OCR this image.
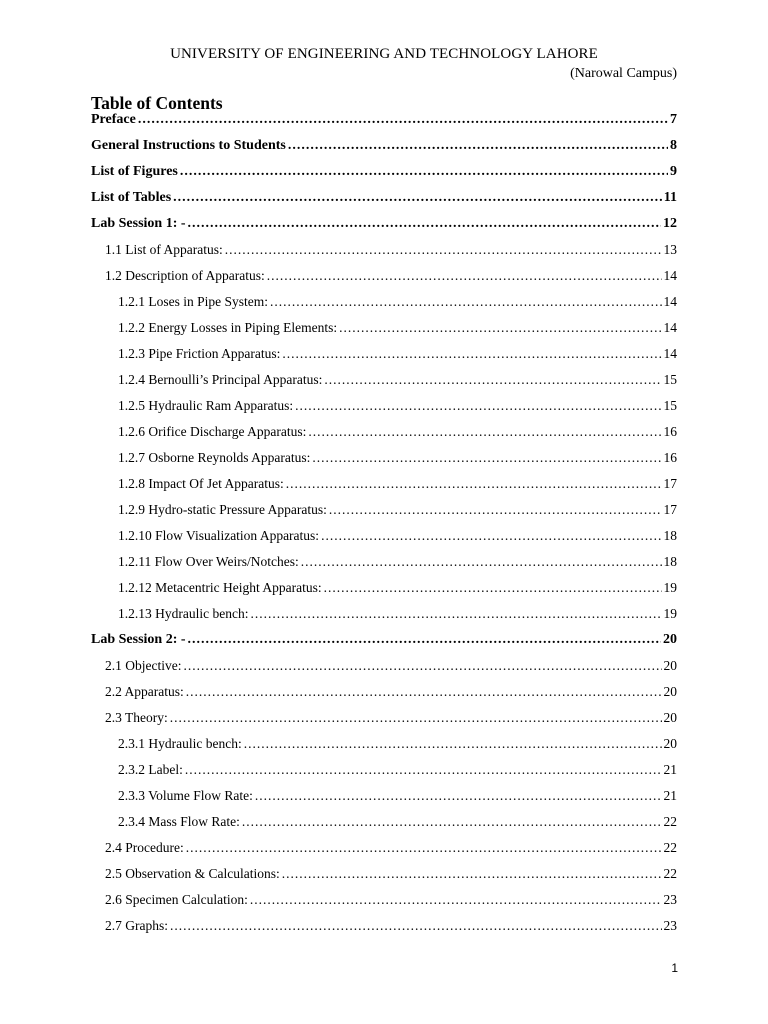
UNIVERSITY OF ENGINEERING AND TECHNOLOGY LAHORE
(Narowal Campus)
Table of Contents
Preface .....	7
General Instructions to Students .....	8
List of Figures .....	9
List of Tables .....	11
Lab Session 1: - .....	12
1.1 List of Apparatus: .....	13
1.2 Description of Apparatus: .....	14
1.2.1 Loses in Pipe System: .....	14
1.2.2 Energy Losses in Piping Elements: .....	14
1.2.3 Pipe Friction Apparatus: .....	14
1.2.4 Bernoulli’s Principal Apparatus: .....	15
1.2.5 Hydraulic Ram Apparatus: .....	15
1.2.6 Orifice Discharge Apparatus: .....	16
1.2.7 Osborne Reynolds Apparatus: .....	16
1.2.8 Impact Of Jet Apparatus: .....	17
1.2.9 Hydro-static Pressure Apparatus: .....	17
1.2.10 Flow Visualization Apparatus: .....	18
1.2.11 Flow Over Weirs/Notches: .....	18
1.2.12 Metacentric Height Apparatus: .....	19
1.2.13 Hydraulic bench: .....	19
Lab Session 2: - .....	20
2.1 Objective: .....	20
2.2 Apparatus: .....	20
2.3 Theory: .....	20
2.3.1 Hydraulic bench: .....	20
2.3.2 Label: .....	21
2.3.3 Volume Flow Rate: .....	21
2.3.4 Mass Flow Rate: .....	22
2.4 Procedure: .....	22
2.5 Observation & Calculations: .....	22
2.6 Specimen Calculation: .....	23
2.7 Graphs: .....	23
1
